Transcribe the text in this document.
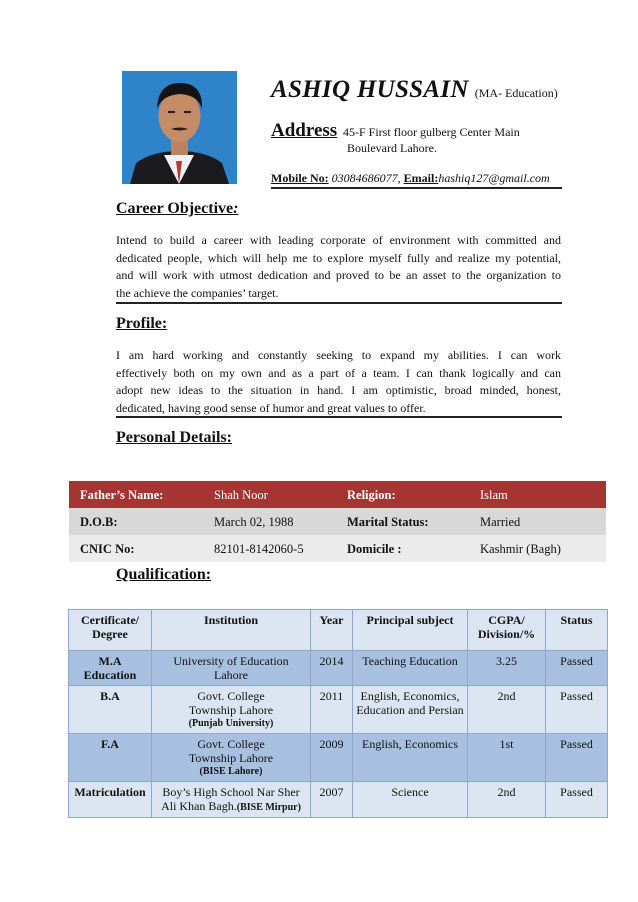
ASHIQ HUSSAIN (MA- Education)
Address 45-F First floor gulberg Center Main
Boulevard Lahore.
Mobile No: 03084686077, Email:hashiq127@gmail.com
Career Objective:
Intend to build a career with leading corporate of environment with committed and
dedicated people, which will help me to explore myself fully and realize my potential,
and will work with utmost dedication and proved to be an asset to the organization to
the achieve the companies’ target.
Profile:
I am hard working and constantly seeking to expand my abilities. I can work
effectively both on my own and as a part of a team. I can thank logically and can
adopt new ideas to the situation in hand. I am optimistic, broad minded, honest,
dedicated, having good sense of humor and great values to offer.
Personal Details:
Father’s Name:	Shah Noor	Religion:	Islam
D.O.B:	March 02, 1988	Marital Status:	Married
CNIC No:	82101-8142060-5	Domicile :	Kashmir (Bagh)
Qualification:
Certificate/ Degree	Institution	Year	Principal subject	CGPA/ Division/%	Status
M.A Education	University of Education Lahore	2014	Teaching Education	3.25	Passed
B.A	Govt. College Township Lahore
(Punjab University)	2011	English, Economics, Education and Persian	2nd	Passed
F.A	Govt. College Township Lahore
(BISE Lahore)	2009	English, Economics	1st	Passed
Matriculation	Boy’s High School Nar Sher Ali Khan Bagh.(BISE Mirpur)	2007	Science	2nd	Passed
